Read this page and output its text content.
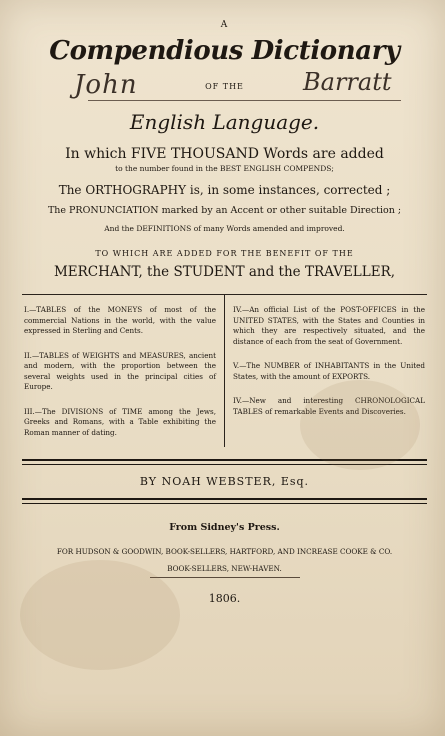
A
Compendious Dictionary
John	OF THE	Barratt
English Language.
In which FIVE THOUSAND Words are added
to the number found in the BEST ENGLISH COMPENDS;
The ORTHOGRAPHY is, in some instances, corrected ;
The PRONUNCIATION marked by an Accent or other suitable Direction ;
And the DEFINITIONS of many Words amended and improved.
TO WHICH ARE ADDED FOR THE BENEFIT OF THE
MERCHANT, the STUDENT and the TRAVELLER,

I.—TABLES of the MONEYS of most of the commercial Nations in the world, with the value expressed in Sterling and Cents.

II.—TABLES of WEIGHTS and MEASURES, ancient and modern, with the proportion between the several weights used in the principal cities of Europe.

III.—The DIVISIONS of TIME among the Jews, Greeks and Romans, with a Table exhibiting the Roman manner of dating.

IV.—An official List of the POST-OFFICES in the UNITED STATES, with the States and Counties in which they are respectively situated, and the distance of each from the seat of Government.

V.—The NUMBER of INHABITANTS in the United States, with the amount of EXPORTS.

IV.—New and interesting CHRONOLOGICAL TABLES of remarkable Events and Discoveries.

BY NOAH WEBSTER, Esq.
From Sidney's Press.
FOR HUDSON & GOODWIN, BOOK-SELLERS, HARTFORD, AND INCREASE COOKE & CO.
BOOK-SELLERS, NEW-HAVEN.
1806.
